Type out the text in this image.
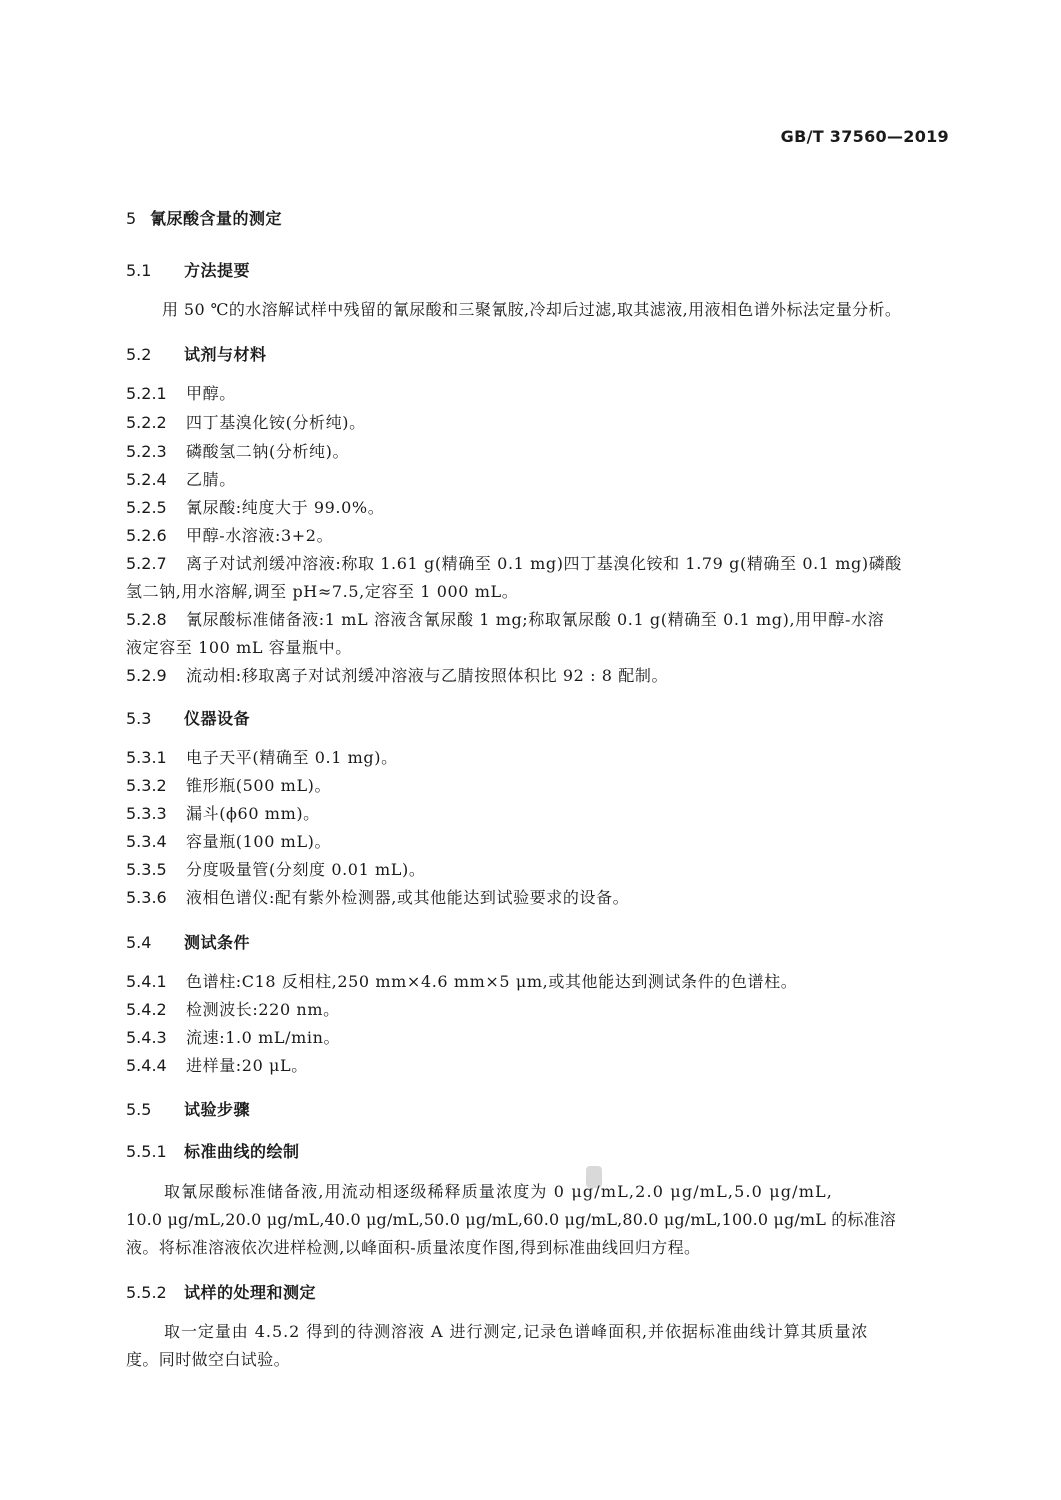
GB/T 37560—2019
5 氰尿酸含量的测定
5.1 方法提要
用 50 ℃的水溶解试样中残留的氰尿酸和三聚氰胺,冷却后过滤,取其滤液,用液相色谱外标法定量分析。
5.2 试剂与材料
5.2.1 甲醇。
5.2.2 四丁基溴化铵(分析纯)。
5.2.3 磷酸氢二钠(分析纯)。
5.2.4 乙腈。
5.2.5 氰尿酸:纯度大于 99.0%。
5.2.6 甲醇-水溶液:3+2。
5.2.7 离子对试剂缓冲溶液:称取 1.61 g(精确至 0.1 mg)四丁基溴化铵和 1.79 g(精确至 0.1 mg)磷酸
氢二钠,用水溶解,调至 pH≈7.5,定容至 1 000 mL。
5.2.8 氰尿酸标准储备液:1 mL 溶液含氰尿酸 1 mg;称取氰尿酸 0.1 g(精确至 0.1 mg),用甲醇-水溶
液定容至 100 mL 容量瓶中。
5.2.9 流动相:移取离子对试剂缓冲溶液与乙腈按照体积比 92 : 8 配制。
5.3 仪器设备
5.3.1 电子天平(精确至 0.1 mg)。
5.3.2 锥形瓶(500 mL)。
5.3.3 漏斗(ϕ60 mm)。
5.3.4 容量瓶(100 mL)。
5.3.5 分度吸量管(分刻度 0.01 mL)。
5.3.6 液相色谱仪:配有紫外检测器,或其他能达到试验要求的设备。
5.4 测试条件
5.4.1 色谱柱:C18 反相柱,250 mm×4.6 mm×5 μm,或其他能达到测试条件的色谱柱。
5.4.2 检测波长:220 nm。
5.4.3 流速:1.0 mL/min。
5.4.4 进样量:20 μL。
5.5 试验步骤
5.5.1 标准曲线的绘制
取氰尿酸标准储备液,用流动相逐级稀释质量浓度为 0 μg/mL,2.0 μg/mL,5.0 μg/mL,
10.0 μg/mL,20.0 μg/mL,40.0 μg/mL,50.0 μg/mL,60.0 μg/mL,80.0 μg/mL,100.0 μg/mL 的标准溶
液。将标准溶液依次进样检测,以峰面积-质量浓度作图,得到标准曲线回归方程。
5.5.2 试样的处理和测定
取一定量由 4.5.2 得到的待测溶液 A 进行测定,记录色谱峰面积,并依据标准曲线计算其质量浓
度。同时做空白试验。
